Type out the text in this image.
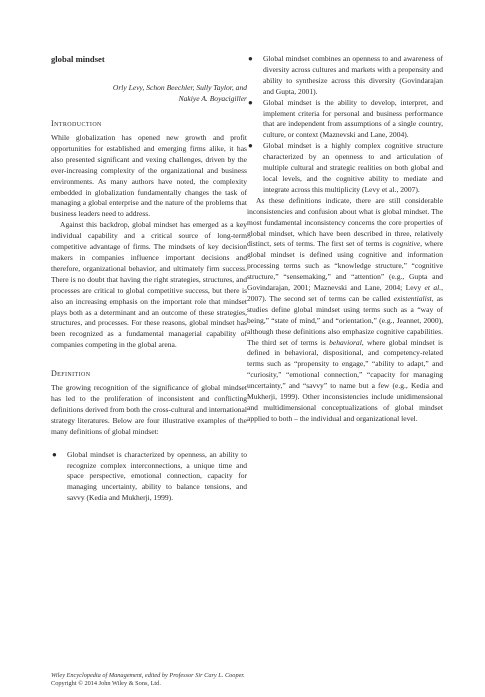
global mindset
Orly Levy, Schon Beechler, Sully Taylor, and
Nakiye A. Boyacigiller
Introduction

While globalization has opened new growth and profit opportunities for established and emerging firms alike, it has also presented significant and vexing challenges, driven by the ever-increasing complexity of the organizational and business environments. As many authors have noted, the complexity embedded in globalization fundamentally changes the task of managing a global enterprise and the nature of the problems that business leaders need to address.

Against this backdrop, global mindset has emerged as a key individual capability and a critical source of long-term competitive advantage of firms. The mindsets of key decision makers in companies influence important decisions and therefore, organizational behavior, and ultimately firm success. There is no doubt that having the right strategies, structures, and processes are critical to global competitive success, but there is also an increasing emphasis on the important role that mindset plays both as a determinant and an outcome of these strategies, structures, and processes. For these reasons, global mindset has been recognized as a fundamental managerial capability of companies competing in the global arena.

Definition

The growing recognition of the significance of global mindset has led to the proliferation of inconsistent and conflicting definitions derived from both the cross-cultural and international strategy literatures. Below are four illustrative examples of the many definitions of global mindset:

● Global mindset is characterized by openness, an ability to recognize complex interconnections, a unique time and space perspective, emotional connection, capacity for managing uncertainty, ability to balance tensions, and savvy (Kedia and Mukherji, 1999).

● Global mindset combines an openness to and awareness of diversity across cultures and markets with a propensity and ability to synthesize across this diversity (Govindarajan and Gupta, 2001).

● Global mindset is the ability to develop, interpret, and implement criteria for personal and business performance that are independent from assumptions of a single country, culture, or context (Maznevski and Lane, 2004).

● Global mindset is a highly complex cognitive structure characterized by an openness to and articulation of multiple cultural and strategic realities on both global and local levels, and the cognitive ability to mediate and integrate across this multiplicity (Levy et al., 2007).

As these definitions indicate, there are still considerable inconsistencies and confusion about what is global mindset. The most fundamental inconsistency concerns the core properties of global mindset, which have been described in three, relatively distinct, sets of terms. The first set of terms is cognitive, where global mindset is defined using cognitive and information processing terms such as “knowledge structure,” “cognitive structure,” “sensemaking,” and “attention” (e.g., Gupta and Govindarajan, 2001; Maznevski and Lane, 2004; Levy et al., 2007). The second set of terms can be called existentialist, as studies define global mindset using terms such as a “way of being,” “state of mind,” and “orientation,” (e.g., Jeannet, 2000), although these definitions also emphasize cognitive capabilities. The third set of terms is behavioral, where global mindset is defined in behavioral, dispositional, and competency-related terms such as “propensity to engage,” “ability to adapt,” and “curiosity,” “emotional connection,” “capacity for managing uncertainty,” and “savvy” to name but a few (e.g., Kedia and Mukherji, 1999). Other inconsistencies include unidimensional and multidimensional conceptualizations of global mindset applied to both – the individual and organizational level.

Wiley Encyclopedia of Management, edited by Professor Sir Cary L. Cooper.
Copyright © 2014 John Wiley & Sons, Ltd.
